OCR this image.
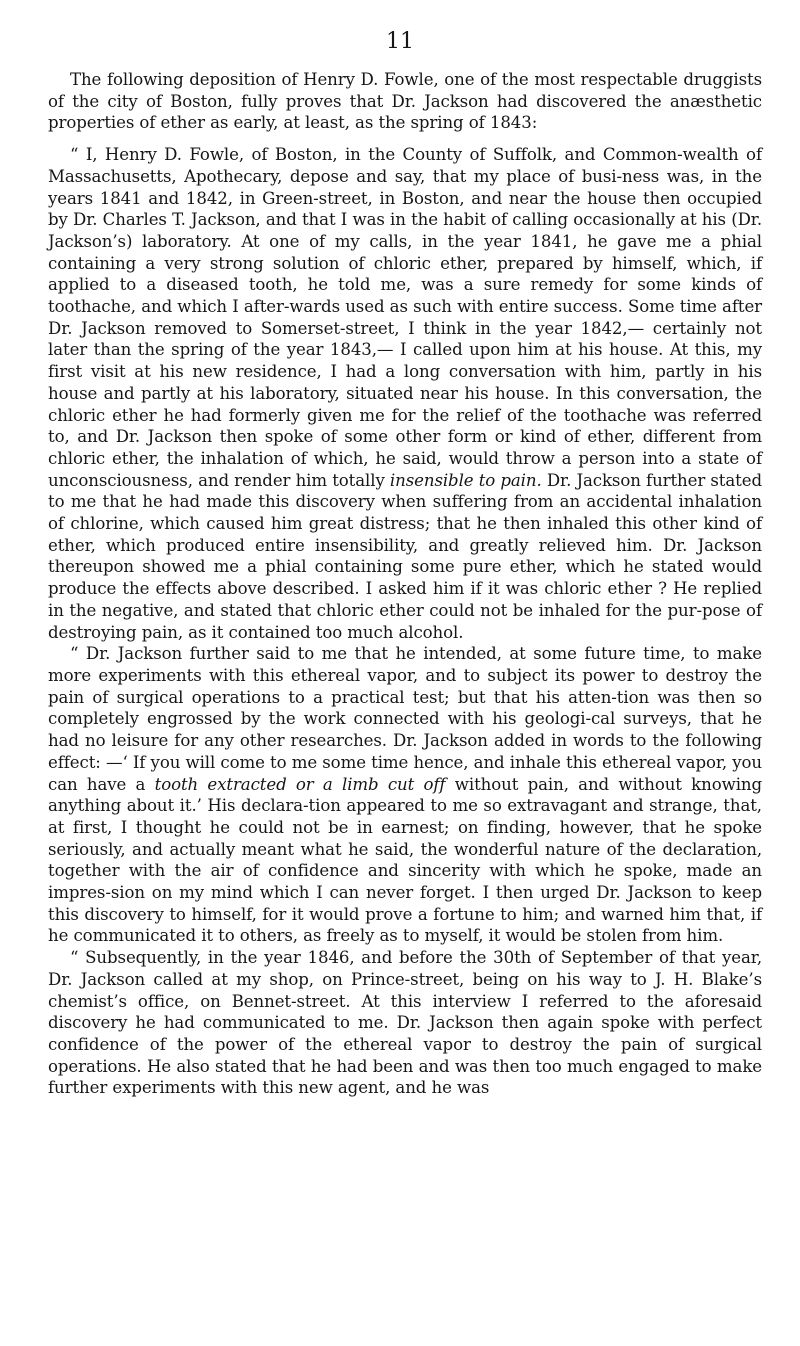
11

The following deposition of Henry D. Fowle, one of the most respectable druggists of the city of Boston, fully proves that Dr. Jackson had discovered the anæsthetic properties of ether as early, at least, as the spring of 1843:

“ I, Henry D. Fowle, of Boston, in the County of Suffolk, and Common-wealth of Massachusetts, Apothecary, depose and say, that my place of busi-ness was, in the years 1841 and 1842, in Green-street, in Boston, and near the house then occupied by Dr. Charles T. Jackson, and that I was in the habit of calling occasionally at his (Dr. Jackson’s) laboratory. At one of my calls, in the year 1841, he gave me a phial containing a very strong solution of chloric ether, prepared by himself, which, if applied to a diseased tooth, he told me, was a sure remedy for some kinds of toothache, and which I after-wards used as such with entire success. Some time after Dr. Jackson removed to Somerset-street, I think in the year 1842,— certainly not later than the spring of the year 1843,— I called upon him at his house. At this, my first visit at his new residence, I had a long conversation with him, partly in his house and partly at his laboratory, situated near his house. In this conversation, the chloric ether he had formerly given me for the relief of the toothache was referred to, and Dr. Jackson then spoke of some other form or kind of ether, different from chloric ether, the inhalation of which, he said, would throw a person into a state of unconsciousness, and render him totally insensible to pain. Dr. Jackson further stated to me that he had made this discovery when suffering from an accidental inhalation of chlorine, which caused him great distress; that he then inhaled this other kind of ether, which produced entire insensibility, and greatly relieved him. Dr. Jackson thereupon showed me a phial containing some pure ether, which he stated would produce the effects above described. I asked him if it was chloric ether ? He replied in the negative, and stated that chloric ether could not be inhaled for the pur-pose of destroying pain, as it contained too much alcohol.

“ Dr. Jackson further said to me that he intended, at some future time, to make more experiments with this ethereal vapor, and to subject its power to destroy the pain of surgical operations to a practical test; but that his atten-tion was then so completely engrossed by the work connected with his geologi-cal surveys, that he had no leisure for any other researches. Dr. Jackson added in words to the following effect: —‘ If you will come to me some time hence, and inhale this ethereal vapor, you can have a tooth extracted or a limb cut off without pain, and without knowing anything about it.’ His declara-tion appeared to me so extravagant and strange, that, at first, I thought he could not be in earnest; on finding, however, that he spoke seriously, and actually meant what he said, the wonderful nature of the declaration, together with the air of confidence and sincerity with which he spoke, made an impres-sion on my mind which I can never forget. I then urged Dr. Jackson to keep this discovery to himself, for it would prove a fortune to him; and warned him that, if he communicated it to others, as freely as to myself, it would be stolen from him.

“ Subsequently, in the year 1846, and before the 30th of September of that year, Dr. Jackson called at my shop, on Prince-street, being on his way to J. H. Blake’s chemist’s office, on Bennet-street. At this interview I referred to the aforesaid discovery he had communicated to me. Dr. Jackson then again spoke with perfect confidence of the power of the ethereal vapor to destroy the pain of surgical operations. He also stated that he had been and was then too much engaged to make further experiments with this new agent, and he was
